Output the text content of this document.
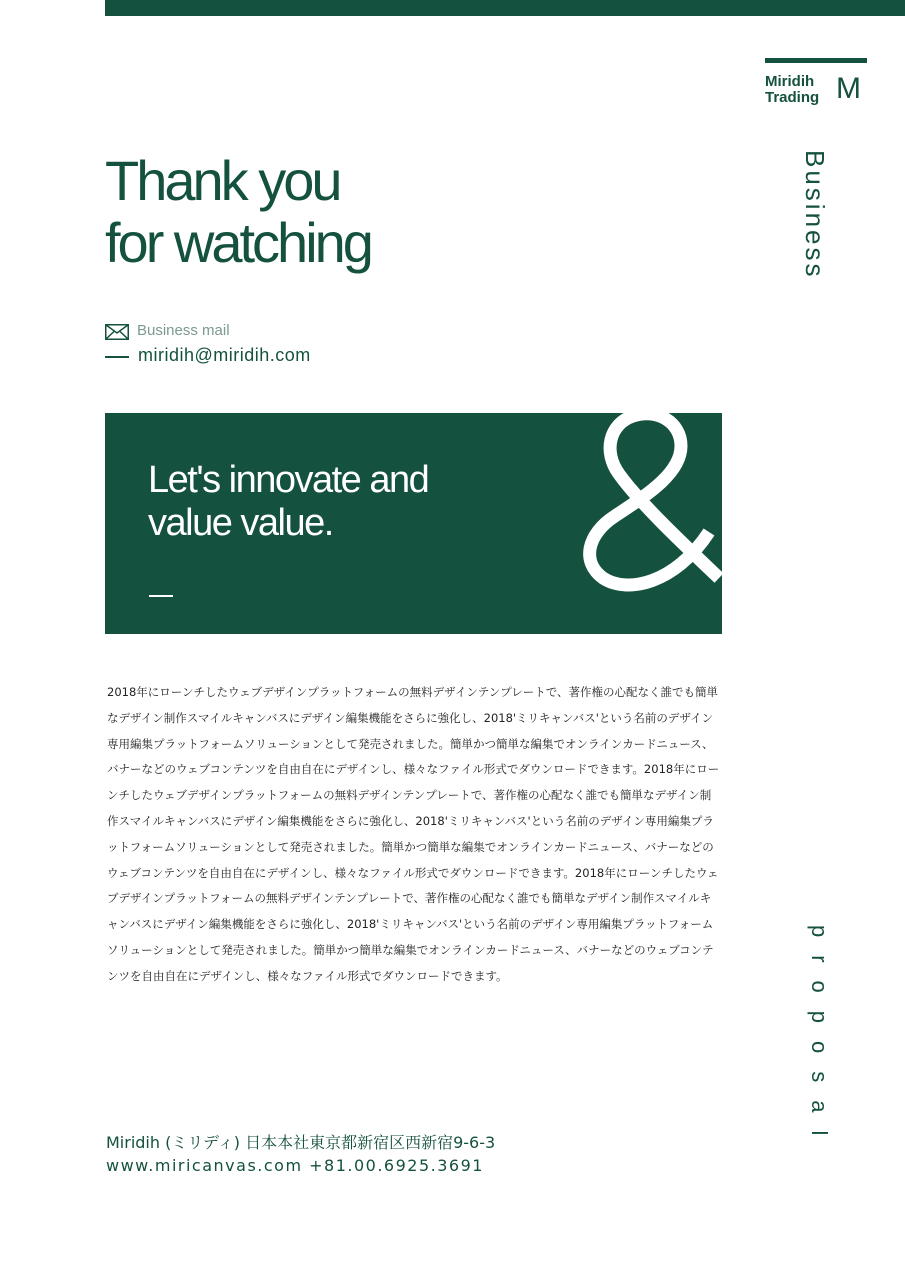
Miridih
Trading M
Business
Thank you
for watching
Business mail
miridih@miridih.com
Let's innovate and
value value.
2018年にローンチしたウェブデザインプラットフォームの無料デザインテンプレートで、著作権の心配なく誰でも簡単なデザイン制作スマイルキャンバスにデザイン編集機能をさらに強化し、2018'ミリキャンバス'という名前のデザイン専用編集プラットフォームソリューションとして発売されました。簡単かつ簡単な編集でオンラインカードニュース、バナーなどのウェブコンテンツを自由自在にデザインし、様々なファイル形式でダウンロードできます。2018年にローンチしたウェブデザインプラットフォームの無料デザインテンプレートで、著作権の心配なく誰でも簡単なデザイン制作スマイルキャンバスにデザイン編集機能をさらに強化し、2018'ミリキャンバス'という名前のデザイン専用編集プラットフォームソリューションとして発売されました。簡単かつ簡単な編集でオンラインカードニュース、バナーなどのウェブコンテンツを自由自在にデザインし、様々なファイル形式でダウンロードできます。2018年にローンチしたウェブデザインプラットフォームの無料デザインテンプレートで、著作権の心配なく誰でも簡単なデザイン制作スマイルキャンバスにデザイン編集機能をさらに強化し、2018'ミリキャンバス'という名前のデザイン専用編集プラットフォームソリューションとして発売されました。簡単かつ簡単な編集でオンラインカードニュース、バナーなどのウェブコンテンツを自由自在にデザインし、様々なファイル形式でダウンロードできます。
Miridih (ミリディ) 日本本社東京都新宿区西新宿9-6-3
www.miricanvas.com +81.00.6925.3691
proposal
